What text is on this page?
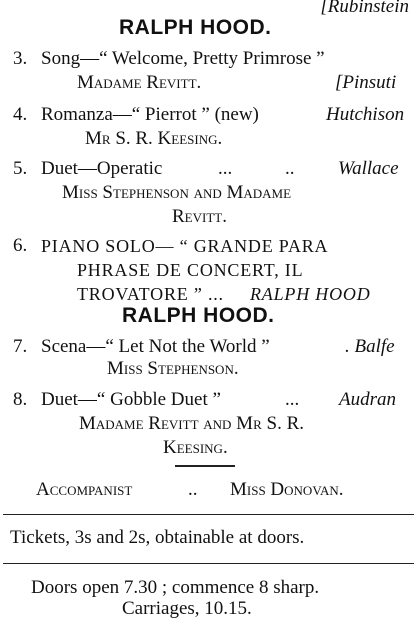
[Rubinstein
RALPH HOOD.
3. Song—“ Welcome, Pretty Primrose ”
Madame Revitt.	[Pinsuti
4. Romanza—“ Pierrot ” (new)	Hutchison
Mr S. R. Keesing.
5. Duet—Operatic	...	.. Wallace
Miss Stephenson and Madame
Revitt.
6. PIANO SOLO— “ GRANDE PARA
PHRASE DE CONCERT, IL
TROVATORE ” ... RALPH HOOD
RALPH HOOD.
7. Scena—“ Let Not the World ”	. Balfe
Miss Stephenson.
8. Duet—“ Gobble Duet ”	... Audran
Madame Revitt and Mr S. R.
Keesing.
Accompanist	.. Miss Donovan.
Tickets, 3s and 2s, obtainable at doors.
Doors open 7.30 ; commence 8 sharp.
Carriages, 10.15.
